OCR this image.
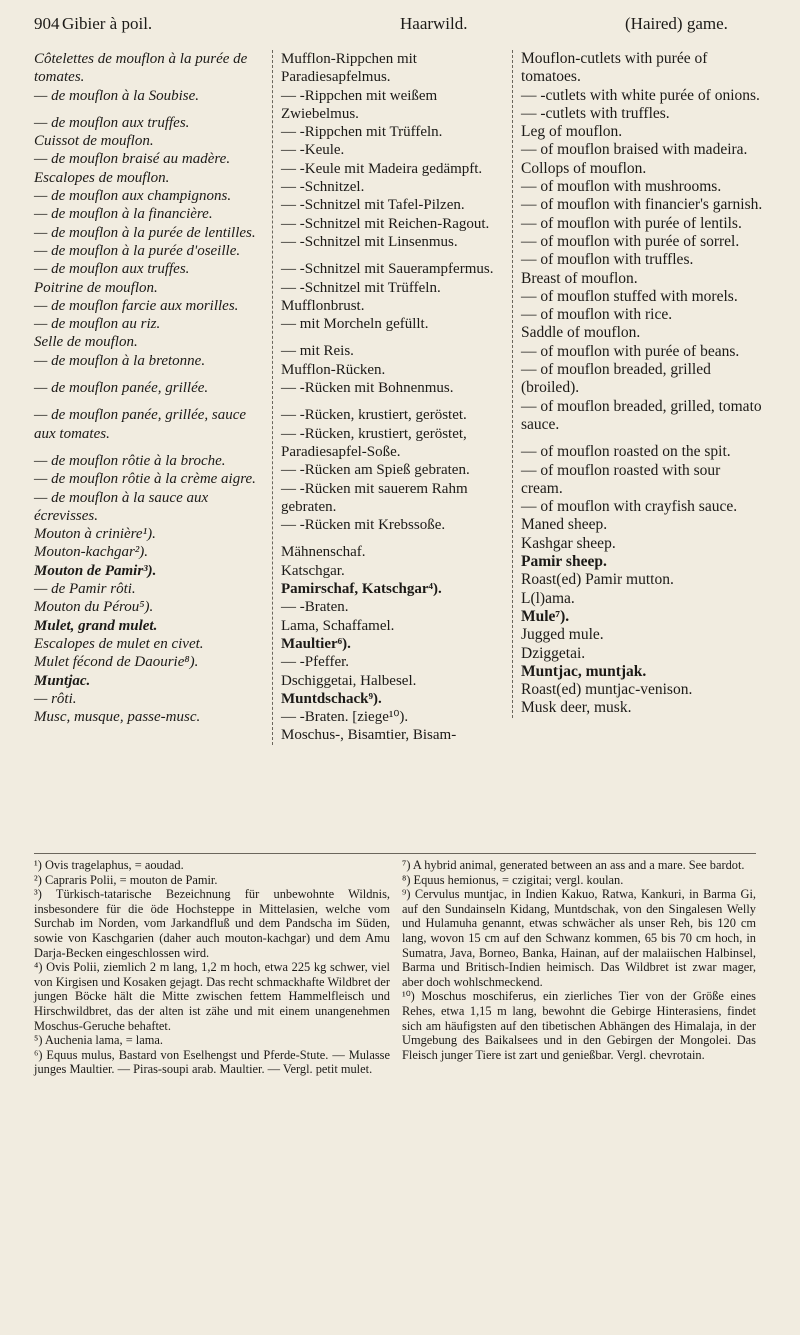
904 Gibier à poil.	Haarwild.	(Haired) game.

Côtelettes de mouflon à la purée de tomates.

— de mouflon à la Soubise.

— de mouflon aux truffes.

Cuissot de mouflon.

— de mouflon braisé au madère.

Escalopes de mouflon.

— de mouflon aux champignons.

— de mouflon à la financière.

— de mouflon à la purée de lentilles.

— de mouflon à la purée d'oseille.

— de mouflon aux truffes.

Poitrine de mouflon.

— de mouflon farcie aux morilles.

— de mouflon au riz.

Selle de mouflon.

— de mouflon à la bretonne.

— de mouflon panée, grillée.

— de mouflon panée, grillée, sauce aux tomates.

— de mouflon rôtie à la broche.

— de mouflon rôtie à la crème aigre.

— de mouflon à la sauce aux écrevisses.

Mouton à crinière¹).

Mouton-kachgar²).

Mouton de Pamir³).

— de Pamir rôti.

Mouton du Pérou⁵).

Mulet, grand mulet.

Escalopes de mulet en civet.

Mulet fécond de Daourie⁸).

Muntjac.

— rôti.

Musc, musque, passe-musc.

Mufflon-Rippchen mit Paradiesapfelmus.

— -Rippchen mit weißem Zwiebelmus.

— -Rippchen mit Trüffeln.

— -Keule.

— -Keule mit Madeira gedämpft.

— -Schnitzel.

— -Schnitzel mit Tafel-Pilzen.

— -Schnitzel mit Reichen-Ragout.

— -Schnitzel mit Linsenmus.

— -Schnitzel mit Sauerampfermus.

— -Schnitzel mit Trüffeln.

Mufflonbrust.

— mit Morcheln gefüllt.

— mit Reis.

Mufflon-Rücken.

— -Rücken mit Bohnenmus.

— -Rücken, krustiert, geröstet.

— -Rücken, krustiert, geröstet, Paradiesapfel-Soße.

— -Rücken am Spieß gebraten.

— -Rücken mit sauerem Rahm gebraten.

— -Rücken mit Krebssoße.

Mähnenschaf.

Katschgar.

Pamirschaf, Katschgar⁴).

— -Braten.

Lama, Schaffamel.

Maultier⁶).

— -Pfeffer.

Dschiggetai, Halbesel.

Muntdschack⁹).

— -Braten. [ziege¹⁰).

Moschus-, Bisamtier, Bisam-

Mouflon-cutlets with purée of tomatoes.

— -cutlets with white purée of onions.

— -cutlets with truffles.

Leg of mouflon.

— of mouflon braised with madeira.

Collops of mouflon.

— of mouflon with mushrooms.

— of mouflon with financier's garnish.

— of mouflon with purée of lentils.

— of mouflon with purée of sorrel.

— of mouflon with truffles.

Breast of mouflon.

— of mouflon stuffed with morels.

— of mouflon with rice.

Saddle of mouflon.

— of mouflon with purée of beans.

— of mouflon breaded, grilled (broiled).

— of mouflon breaded, grilled, tomato sauce.

— of mouflon roasted on the spit.

— of mouflon roasted with sour cream.

— of mouflon with crayfish sauce.

Maned sheep.

Kashgar sheep.

Pamir sheep.

Roast(ed) Pamir mutton.

L(l)ama.

Mule⁷).

Jugged mule.

Dziggetai.

Muntjac, muntjak.

Roast(ed) muntjac-venison.

Musk deer, musk.

¹) Ovis tragelaphus, = aoudad.

²) Capraris Polii, = mouton de Pamir.

³) Türkisch-tatarische Bezeichnung für unbewohnte Wildnis, insbesondere für die öde Hochsteppe in Mittelasien, welche vom Surchab im Norden, vom Jarkandfluß und dem Pandscha im Süden, sowie von Kaschgarien (daher auch mouton-kachgar) und dem Amu Darja-Becken eingeschlossen wird.

⁴) Ovis Polii, ziemlich 2 m lang, 1,2 m hoch, etwa 225 kg schwer, viel von Kirgisen und Kosaken gejagt. Das recht schmackhafte Wildbret der jungen Böcke hält die Mitte zwischen fettem Hammelfleisch und Hirschwildbret, das der alten ist zähe und mit einem unangenehmen Moschus-Geruche behaftet.

⁵) Auchenia lama, = lama.

⁶) Equus mulus, Bastard von Eselhengst und Pferde-Stute. — Mulasse junges Maultier. — Piras-soupi arab. Maultier. — Vergl. petit mulet.

⁷) A hybrid animal, generated between an ass and a mare. See bardot.

⁸) Equus hemionus, = czigitai; vergl. koulan.

⁹) Cervulus muntjac, in Indien Kakuo, Ratwa, Kankuri, in Barma Gi, auf den Sundainseln Kidang, Muntdschak, von den Singalesen Welly und Hulamuha genannt, etwas schwächer als unser Reh, bis 120 cm lang, wovon 15 cm auf den Schwanz kommen, 65 bis 70 cm hoch, in Sumatra, Java, Borneo, Banka, Hainan, auf der malaiischen Halbinsel, Barma und Britisch-Indien heimisch. Das Wildbret ist zwar mager, aber doch wohlschmeckend.

¹⁰) Moschus moschiferus, ein zierliches Tier von der Größe eines Rehes, etwa 1,15 m lang, bewohnt die Gebirge Hinterasiens, findet sich am häufigsten auf den tibetischen Abhängen des Himalaja, in der Umgebung des Baikalsees und in den Gebirgen der Mongolei. Das Fleisch junger Tiere ist zart und genießbar. Vergl. chevrotain.
